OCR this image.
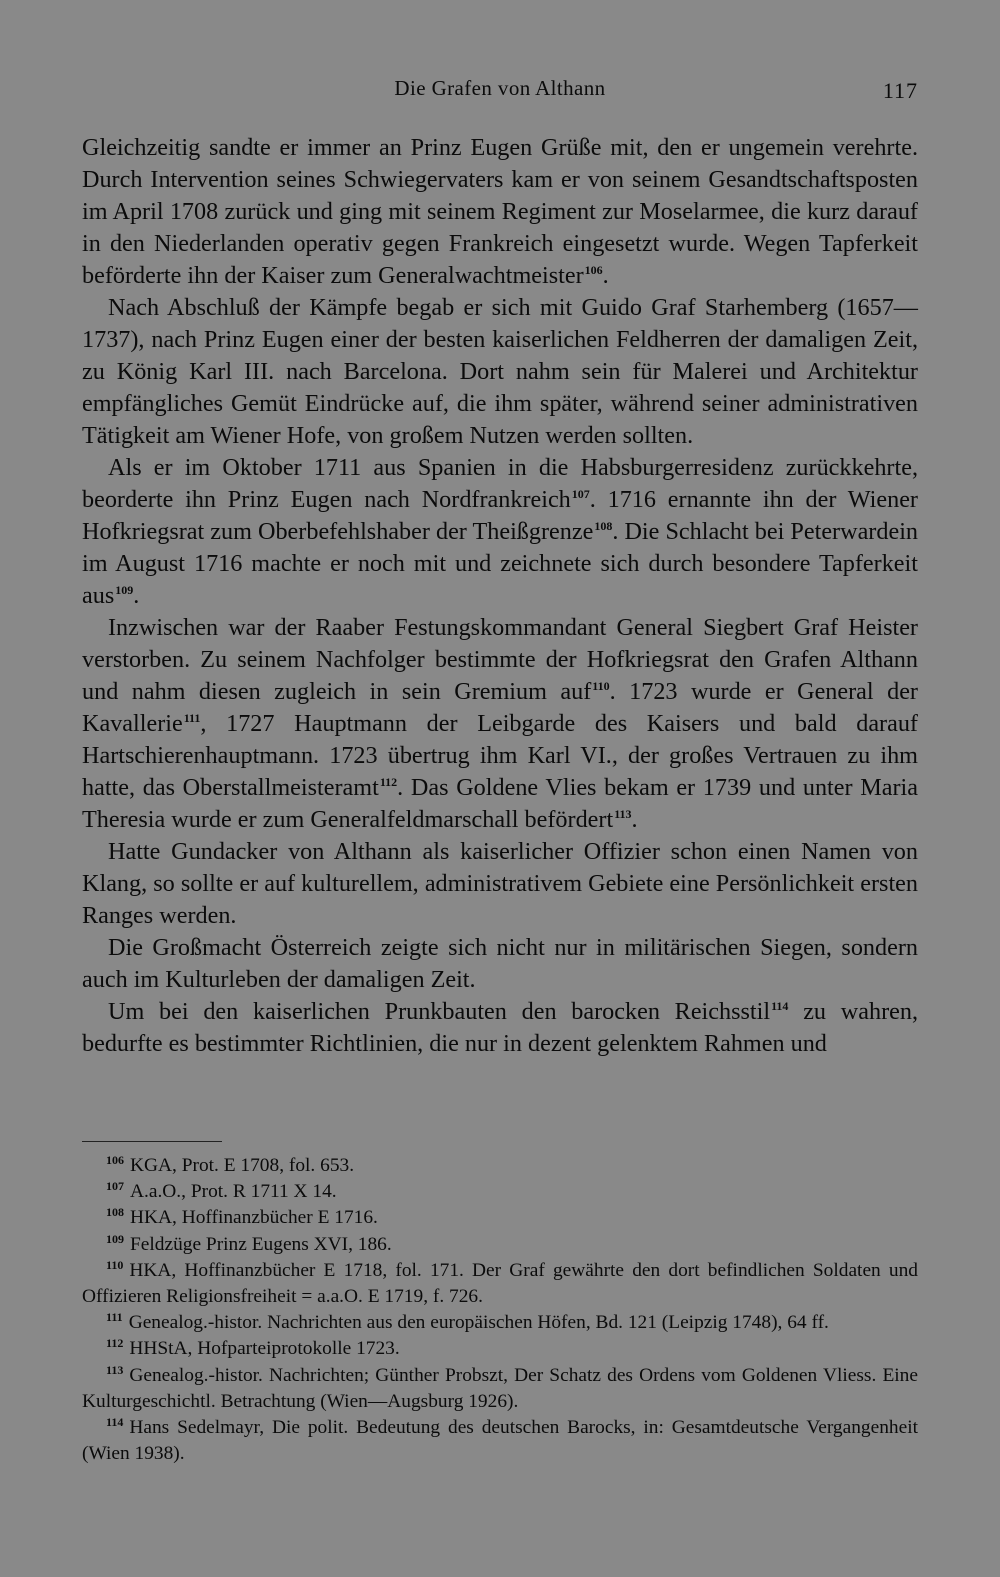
Die Grafen von Althann	117

Gleichzeitig sandte er immer an Prinz Eugen Grüße mit, den er ungemein verehrte. Durch Intervention seines Schwiegervaters kam er von seinem Gesandtschaftsposten im April 1708 zurück und ging mit seinem Regiment zur Moselarmee, die kurz darauf in den Niederlanden operativ gegen Frankreich eingesetzt wurde. Wegen Tapferkeit beförderte ihn der Kaiser zum Generalwachtmeister$^{106}$.

Nach Abschluß der Kämpfe begab er sich mit Guido Graf Starhemberg (1657—1737), nach Prinz Eugen einer der besten kaiserlichen Feldherren der damaligen Zeit, zu König Karl III. nach Barcelona. Dort nahm sein für Malerei und Architektur empfängliches Gemüt Eindrücke auf, die ihm später, während seiner administrativen Tätigkeit am Wiener Hofe, von großem Nutzen werden sollten.

Als er im Oktober 1711 aus Spanien in die Habsburgerresidenz zurückkehrte, beorderte ihn Prinz Eugen nach Nordfrankreich$^{107}$. 1716 ernannte ihn der Wiener Hofkriegsrat zum Oberbefehlshaber der Theißgrenze$^{108}$. Die Schlacht bei Peterwardein im August 1716 machte er noch mit und zeichnete sich durch besondere Tapferkeit aus$^{109}$.

Inzwischen war der Raaber Festungskommandant General Siegbert Graf Heister verstorben. Zu seinem Nachfolger bestimmte der Hofkriegsrat den Grafen Althann und nahm diesen zugleich in sein Gremium auf$^{110}$. 1723 wurde er General der Kavallerie$^{111}$, 1727 Hauptmann der Leibgarde des Kaisers und bald darauf Hartschierenhauptmann. 1723 übertrug ihm Karl VI., der großes Vertrauen zu ihm hatte, das Oberstallmeisteramt$^{112}$. Das Goldene Vlies bekam er 1739 und unter Maria Theresia wurde er zum Generalfeldmarschall befördert$^{113}$.

Hatte Gundacker von Althann als kaiserlicher Offizier schon einen Namen von Klang, so sollte er auf kulturellem, administrativem Gebiete eine Persönlichkeit ersten Ranges werden.

Die Großmacht Österreich zeigte sich nicht nur in militärischen Siegen, sondern auch im Kulturleben der damaligen Zeit.

Um bei den kaiserlichen Prunkbauten den barocken Reichsstil$^{114}$ zu wahren, bedurfte es bestimmter Richtlinien, die nur in dezent gelenktem Rahmen und

$^{106}$ KGA, Prot. E 1708, fol. 653.

$^{107}$ A.a.O., Prot. R 1711 X 14.

$^{108}$ HKA, Hoffinanzbücher E 1716.

$^{109}$ Feldzüge Prinz Eugens XVI, 186.

$^{110}$ HKA, Hoffinanzbücher E 1718, fol. 171. Der Graf gewährte den dort befindlichen Soldaten und Offizieren Religionsfreiheit = a.a.O. E 1719, f. 726.

$^{111}$ Genealog.-histor. Nachrichten aus den europäischen Höfen, Bd. 121 (Leipzig 1748), 64 ff.

$^{112}$ HHStA, Hofparteiprotokolle 1723.

$^{113}$ Genealog.-histor. Nachrichten; Günther Probszt, Der Schatz des Ordens vom Goldenen Vliess. Eine Kulturgeschichtl. Betrachtung (Wien—Augsburg 1926).

$^{114}$ Hans Sedelmayr, Die polit. Bedeutung des deutschen Barocks, in: Gesamtdeutsche Vergangenheit (Wien 1938).
